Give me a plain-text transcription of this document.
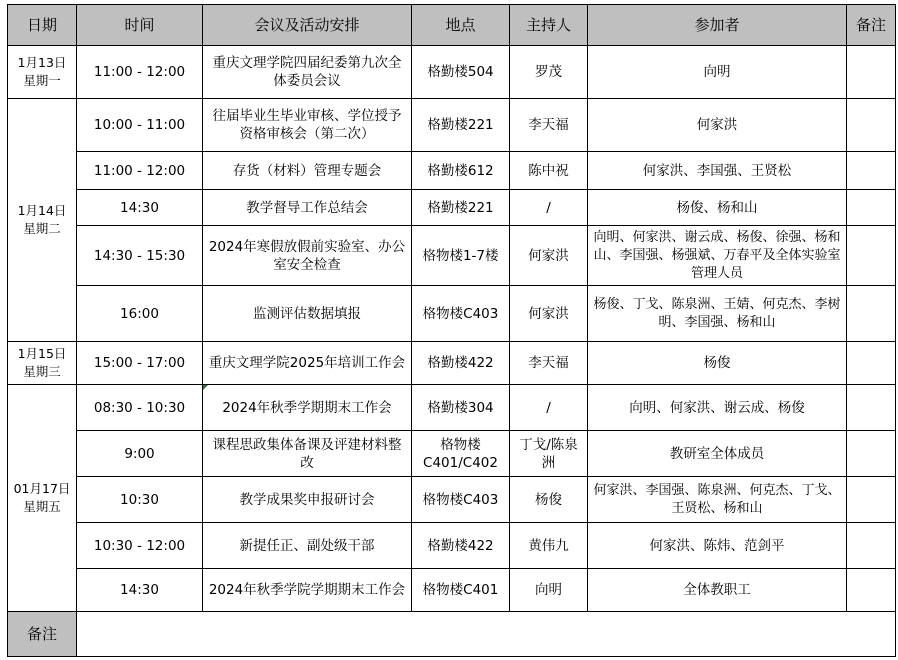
日期	时间	会议及活动安排	地点	主持人	参加者	备注

1月13日
星期一	11:00 - 12:00	重庆文理学院四届纪委第九次全体委员会议	格勤楼504	罗茂	向明	

1月14日
星期二	10:00 - 11:00	往届毕业生毕业审核、学位授予资格审核会（第二次）	格勤楼221	李天福	何家洪	
	11:00 - 12:00	存货（材料）管理专题会	格勤楼612	陈中祝	何家洪、李国强、王贤松	
	14:30	教学督导工作总结会	格勤楼221	/	杨俊、杨和山	
	14:30 - 15:30	2024年寒假放假前实验室、办公室安全检查	格物楼1-7楼	何家洪	向明、何家洪、谢云成、杨俊、徐强、杨和山、李国强、杨强斌、万春平及全体实验室管理人员	
	16:00	监测评估数据填报	格物楼C403	何家洪	杨俊、丁戈、陈泉洲、王婧、何克杰、李树明、李国强、杨和山	

1月15日
星期三	15:00 - 17:00	重庆文理学院2025年培训工作会	格勤楼422	李天福	杨俊	

01月17日
星期五	08:30 - 10:30	2024年秋季学期期末工作会	格勤楼304	/	向明、何家洪、谢云成、杨俊	
	9:00	课程思政集体备课及评建材料整改	格物楼C401/C402	丁戈/陈泉洲	教研室全体成员	
	10:30	教学成果奖申报研讨会	格物楼C403	杨俊	何家洪、李国强、陈泉洲、何克杰、丁戈、王贤松、杨和山	
	10:30 - 12:00	新提任正、副处级干部	格勤楼422	黄伟九	何家洪、陈炜、范剑平	
	14:30	2024年秋季学院学期期末工作会	格物楼C401	向明	全体教职工	
备注						
